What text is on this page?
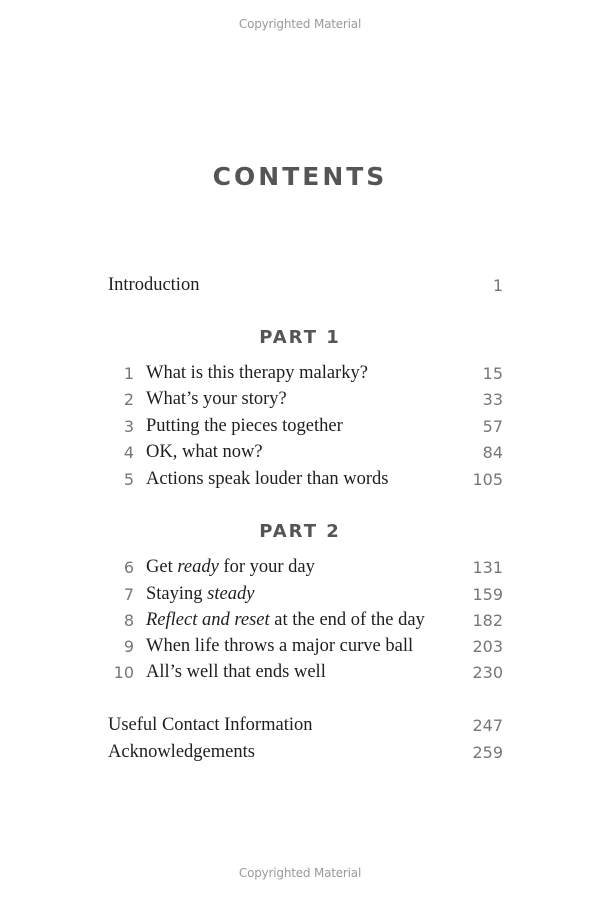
Copyrighted Material
CONTENTS
Introduction	1
PART 1
1 What is this therapy malarky?	15
2 What’s your story?	33
3 Putting the pieces together	57
4 OK, what now?	84
5 Actions speak louder than words	105
PART 2
6 Get ready for your day	131
7 Staying steady	159
8 Reflect and reset at the end of the day	182
9 When life throws a major curve ball	203
10 All’s well that ends well	230
Useful Contact Information	247
Acknowledgements	259
Copyrighted Material
